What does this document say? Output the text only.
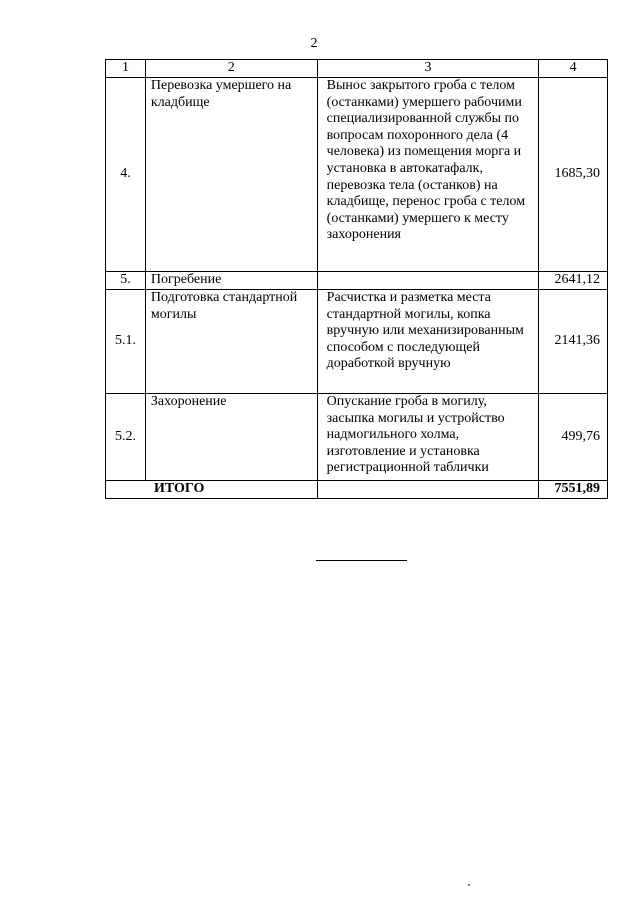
2
1	2	3	4
4.	Перевозка умершего на кладбище	Вынос закрытого гроба с телом (останками) умершего рабочими специализированной службы по вопросам похоронного дела (4 человека) из помещения морга и установка в автокатафалк, перевозка тела (останков) на кладбище, перенос гроба с телом (останками) умершего к месту захоронения	1685,30
5.	Погребение		2641,12
5.1.	Подготовка стандартной могилы	Расчистка и разметка места стандартной могилы, копка вручную или механизированным способом с последующей доработкой вручную	2141,36
5.2.	Захоронение	Опускание гроба в могилу, засыпка могилы и устройство надмогильного холма, изготовление и установка регистрационной таблички	499,76
ИТОГО			7551,89
